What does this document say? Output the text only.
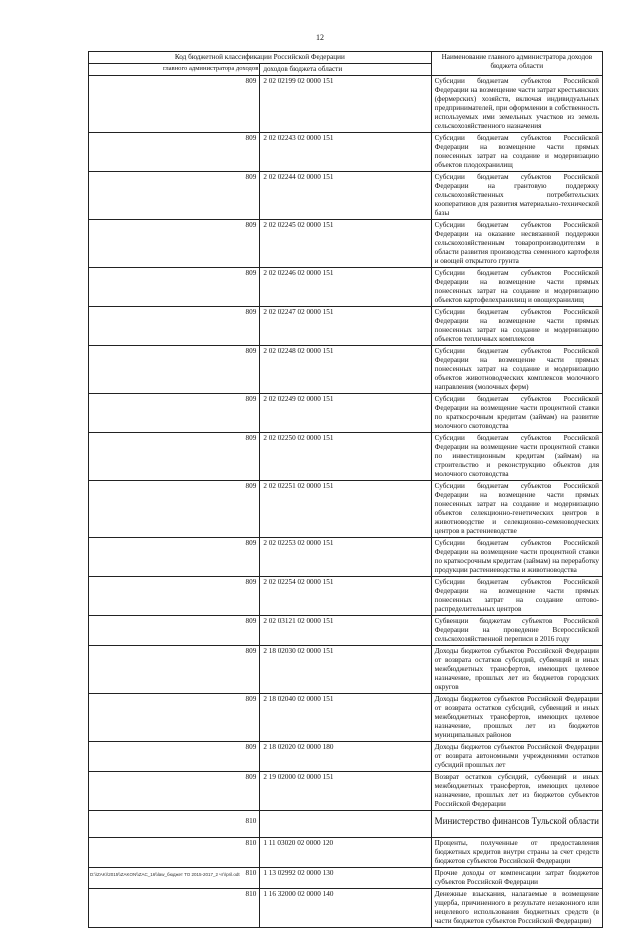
12
Код бюджетной классификации Российской Федерации		Наименование главного администратора доходов бюджета области
главного администратора доходов	доходов бюджета области	
809	2 02 02199 02 0000 151	Субсидии бюджетам субъектов Российской Федерации на возмещение части затрат крестьянских (фермерских) хозяйств, включая индивидуальных предпринимателей, при оформлении в собственность используемых ими земельных участков из земель сельскохозяйственного назначения
809	2 02 02243 02 0000 151	Субсидии бюджетам субъектов Российской Федерации на возмещение части прямых понесенных затрат на создание и модернизацию объектов плодохранилищ
809	2 02 02244 02 0000 151	Субсидии бюджетам субъектов Российской Федерации на грантовую поддержку сельскохозяйственных потребительских кооперативов для развития материально-технической базы
809	2 02 02245 02 0000 151	Субсидии бюджетам субъектов Российской Федерации на оказание несвязанной поддержки сельскохозяйственным товаропроизводителям в области развития производства семенного картофеля и овощей открытого грунта
809	2 02 02246 02 0000 151	Субсидии бюджетам субъектов Российской Федерации на возмещение части прямых понесенных затрат на создание и модернизацию объектов картофелехранилищ и овощехранилищ
809	2 02 02247 02 0000 151	Субсидии бюджетам субъектов Российской Федерации на возмещение части прямых понесенных затрат на создание и модернизацию объектов тепличных комплексов
809	2 02 02248 02 0000 151	Субсидии бюджетам субъектов Российской Федерации на возмещение части прямых понесенных затрат на создание и модернизацию объектов животноводческих комплексов молочного направления (молочных ферм)
809	2 02 02249 02 0000 151	Субсидии бюджетам субъектов Российской Федерации на возмещение части процентной ставки по краткосрочным кредитам (займам) на развитие молочного скотоводства
809	2 02 02250 02 0000 151	Субсидии бюджетам субъектов Российской Федерации на возмещение части процентной ставки по инвестиционным кредитам (займам) на строительство и реконструкцию объектов для молочного скотоводства
809	2 02 02251 02 0000 151	Субсидии бюджетам субъектов Российской Федерации на возмещение части прямых понесенных затрат на создание и модернизацию объектов селекционно-генетических центров в животноводстве и селекционно-семеноводческих центров в растениеводстве
809	2 02 02253 02 0000 151	Субсидии бюджетам субъектов Российской Федерации на возмещение части процентной ставки по краткосрочным кредитам (займам) на переработку продукции растениеводства и животноводства
809	2 02 02254 02 0000 151	Субсидии бюджетам субъектов Российской Федерации на возмещение части прямых понесенных затрат на создание оптово-распределительных центров
809	2 02 03121 02 0000 151	Субвенции бюджетам субъектов Российской Федерации на проведение Всероссийской сельскохозяйственной переписи в 2016 году
809	2 18 02030 02 0000 151	Доходы бюджетов субъектов Российской Федерации от возврата остатков субсидий, субвенций и иных межбюджетных трансфертов, имеющих целевое назначение, прошлых лет из бюджетов городских округов
809	2 18 02040 02 0000 151	Доходы бюджетов субъектов Российской Федерации от возврата остатков субсидий, субвенций и иных межбюджетных трансфертов, имеющих целевое назначение, прошлых лет из бюджетов муниципальных районов
809	2 18 02020 02 0000 180	Доходы бюджетов субъектов Российской Федерации от возврата автономными учреждениями остатков субсидий прошлых лет
809	2 19 02000 02 0000 151	Возврат остатков субсидий, субвенций и иных межбюджетных трансфертов, имеющих целевое назначение, прошлых лет из бюджетов субъектов Российской Федерации
810		Министерство финансов Тульской области
810	1 11 03020 02 0000 120	Проценты, полученные от предоставления бюджетных кредитов внутри страны за счет средств бюджетов субъектов Российской Федерации
810	1 13 02992 02 0000 130	Прочие доходы от компенсации затрат бюджетов субъектов Российской Федерации
810	1 16 32000 02 0000 140	Денежные взыскания, налагаемые в возмещение ущерба, причиненного в результате незаконного или нецелевого использования бюджетных средств (в части бюджетов субъектов Российской Федерации)
D:\\ZAK\\2015\\ZAKON\\ZAC_16\\law_бюджет ТО 2015-2017_2 чт\\pril.odt
